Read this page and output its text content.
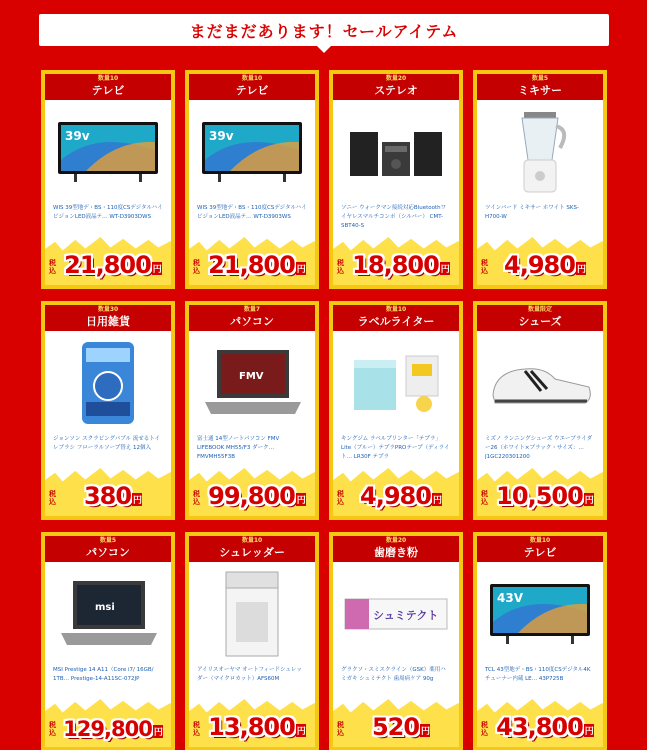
まだまだあります！セールアイテム
数量10
テレビ
39v
WIS 39型地デ・BS・110度CSデジタルハイビジョンLED液晶テ… WT-D3903DWS
税込 21,800 円
数量10
テレビ
39v
WIS 39型地デ・BS・110度CSデジタルハイビジョンLED液晶テ… WT-D3903WS
税込 21,800 円
数量20
ステレオ
ソニー ウォークマン接続対応Bluetoothワイヤレスマルチコンポ（シルバー） CMT-SBT40-S
税込 18,800 円
数量5
ミキサー
ツインバード ミキサー ホワイト SKS-H700-W
税込 4,980 円
数量30
日用雑貨
ジョンソン スクラビングバブル 流せるトイレブラシ フローラルソープ替え 12個入
税込	380 円
数量7
パソコン
FMV
富士通 14型ノートパソコン FMV LIFEBOOK MH55/F3 ダーク… FMVMH55F3B
税込 99,800 円
数量10
ラベルライター
キングジム ラベルプリンター「テプラ」Lite（ブルー）テプラPROテープ（ディライト… LR30F テプラ
税込 4,980 円
数量限定
シューズ
ミズノ ランニングシューズ ウエーブライダー26（ホワイト×ブラック・サイズ：… J1GC220301200
税込 10,500 円
数量5
パソコン
msi
MSI Prestige 14 A11（Core i7/ 16GB/ 1TB… Prestige-14-A11SC-072JP
税込 129,800 円
数量10
シュレッダー
アイリスオーヤマ オートフィードシュレッダー（マイクロカット）AFS60M
税込 13,800 円
数量20
歯磨き粉
シュミテクト
グラクソ・スミスクライン（GSK）薬用ハミガキ シュミテクト 歯周病ケア 90g
税込	520 円
数量10
テレビ
43V
TCL 43型地デ・BS・110度CSデジタル4Kチューナー内蔵 LE… 43P725B
税込 43,800 円
